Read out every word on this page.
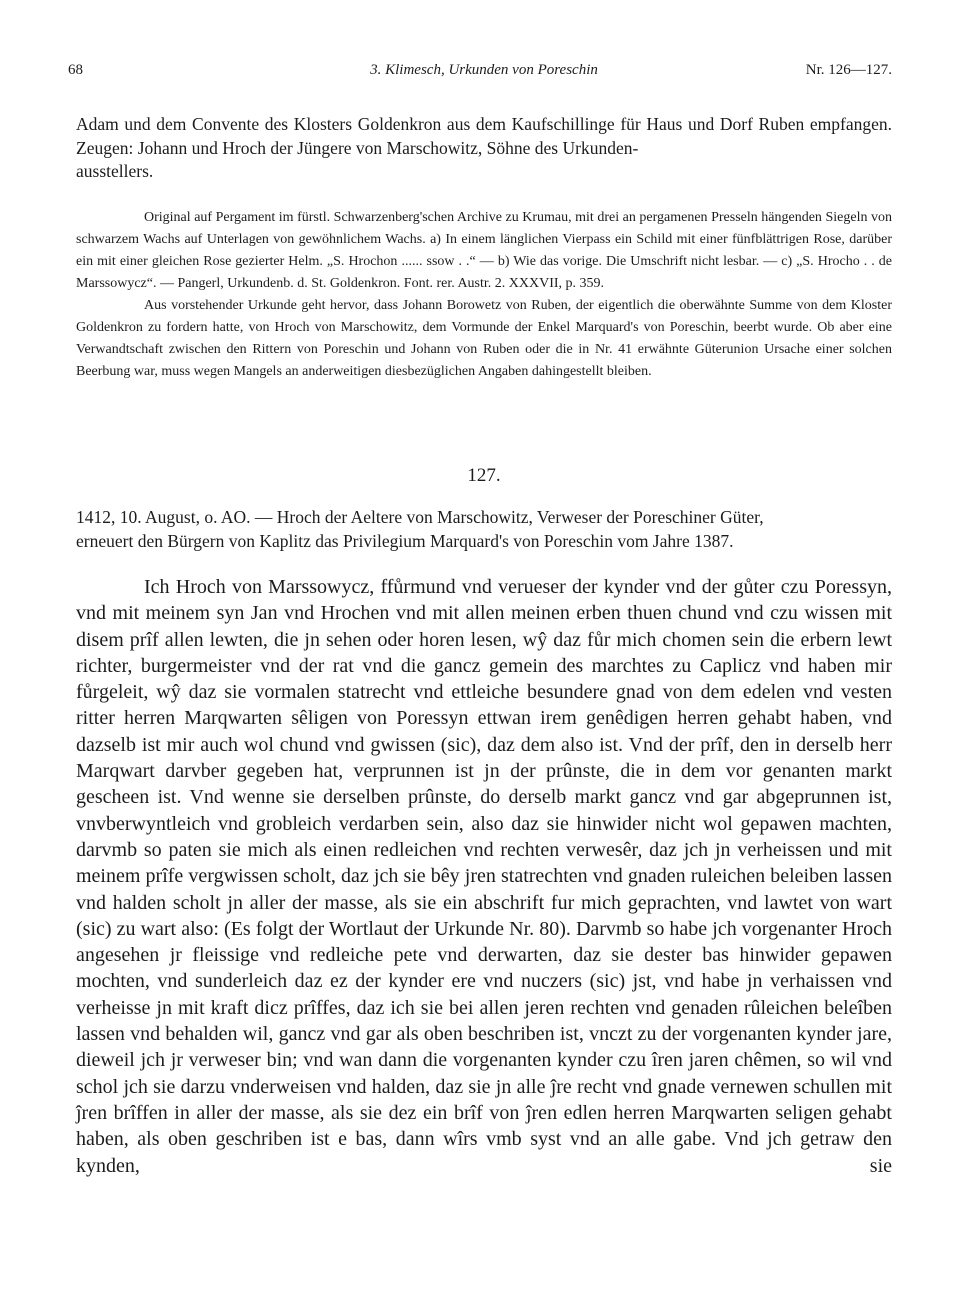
68	3. Klimesch, Urkunden von Poreschin	Nr. 126—127.
Adam und dem Convente des Klosters Goldenkron aus dem Kaufschillinge für Haus und Dorf Ruben empfangen. Zeugen: Johann und Hroch der Jüngere von Marschowitz, Söhne des Urkunden-
ausstellers.

Original auf Pergament im fürstl. Schwarzenberg'schen Archive zu Krumau, mit drei an pergamenen Presseln hängenden Siegeln von schwarzem Wachs auf Unterlagen von gewöhnlichem Wachs. a) In einem länglichen Vierpass ein Schild mit einer fünfblättrigen Rose, darüber ein mit einer gleichen Rose gezierter Helm. „S. Hrochon ...... ssow . .“ — b) Wie das vorige. Die Umschrift nicht lesbar. — c) „S. Hrocho . . de Marssowycz“. — Pangerl, Urkundenb. d. St. Goldenkron. Font. rer. Austr. 2. XXXVII, p. 359.

Aus vorstehender Urkunde geht hervor, dass Johann Borowetz von Ruben, der eigentlich die oberwähnte Summe von dem Kloster Goldenkron zu fordern hatte, von Hroch von Marschowitz, dem Vormunde der Enkel Marquard's von Poreschin, beerbt wurde. Ob aber eine Verwandtschaft zwischen den Rittern von Poreschin und Johann von Ruben oder die in Nr. 41 erwähnte Güterunion Ursache einer solchen Beerbung war, muss wegen Mangels an anderweitigen diesbezüglichen Angaben dahingestellt bleiben.

127.
1412, 10. August, o. AO. — Hroch der Aeltere von Marschowitz, Verweser der Poreschiner Güter,
erneuert den Bürgern von Kaplitz das Privilegium Marquard's von Poreschin vom Jahre 1387.

Ich Hroch von Marssowycz, ffůrmund vnd verueser der kynder vnd der gůter czu Poressyn, vnd mit meinem syn Jan vnd Hrochen vnd mit allen meinen erben thuen chund vnd czu wissen mit disem prîf allen lewten, die jn sehen oder horen lesen, wŷ daz fůr mich chomen sein die erbern lewt richter, burgermeister vnd der rat vnd die gancz gemein des marchtes zu Caplicz vnd haben mir fůrgeleit, wŷ daz sie vormalen statrecht vnd ettleiche besundere gnad von dem edelen vnd vesten ritter herren Marqwarten sêligen von Poressyn ettwan irem genêdigen herren gehabt haben, vnd dazselb ist mir auch wol chund vnd gwissen (sic), daz dem also ist. Vnd der prîf, den in derselb herr Marqwart darvber gegeben hat, verprunnen ist jn der prûnste, die in dem vor genanten markt gescheen ist. Vnd wenne sie derselben prûnste, do derselb markt gancz vnd gar abgeprunnen ist, vnvberwyntleich vnd grobleich verdarben sein, also daz sie hinwider nicht wol gepawen machten, darvmb so paten sie mich als einen redleichen vnd rechten verwesêr, daz jch jn verheissen und mit meinem prîfe vergwissen scholt, daz jch sie bêy jren statrechten vnd gnaden ruleichen beleiben lassen vnd halden scholt jn aller der masse, als sie ein abschrift fur mich geprachten, vnd lawtet von wart (sic) zu wart also: (Es folgt der Wortlaut der Urkunde Nr. 80). Darvmb so habe jch vorgenanter Hroch angesehen jr fleissige vnd redleiche pete vnd derwarten, daz sie dester bas hinwider gepawen mochten, vnd sunderleich daz ez der kynder ere vnd nuczers (sic) jst, vnd habe jn verhaissen vnd verheisse jn mit kraft dicz prîffes, daz ich sie bei allen jeren rechten vnd genaden rûleichen beleîben lassen vnd behalden wil, gancz vnd gar als oben beschriben ist, vnczt zu der vorgenanten kynder jare, dieweil jch jr verweser bin; vnd wan dann die vorgenanten kynder czu îren jaren chêmen, so wil vnd schol jch sie darzu vnderweisen vnd halden, daz sie jn alle ĵre recht vnd gnade vernewen schullen mit ĵren brîffen in aller der masse, als sie dez ein brîf von ĵren edlen herren Marqwarten seligen gehabt haben, als oben geschriben ist e bas, dann wîrs vmb syst vnd an alle gabe. Vnd jch getraw den kynden, sie
